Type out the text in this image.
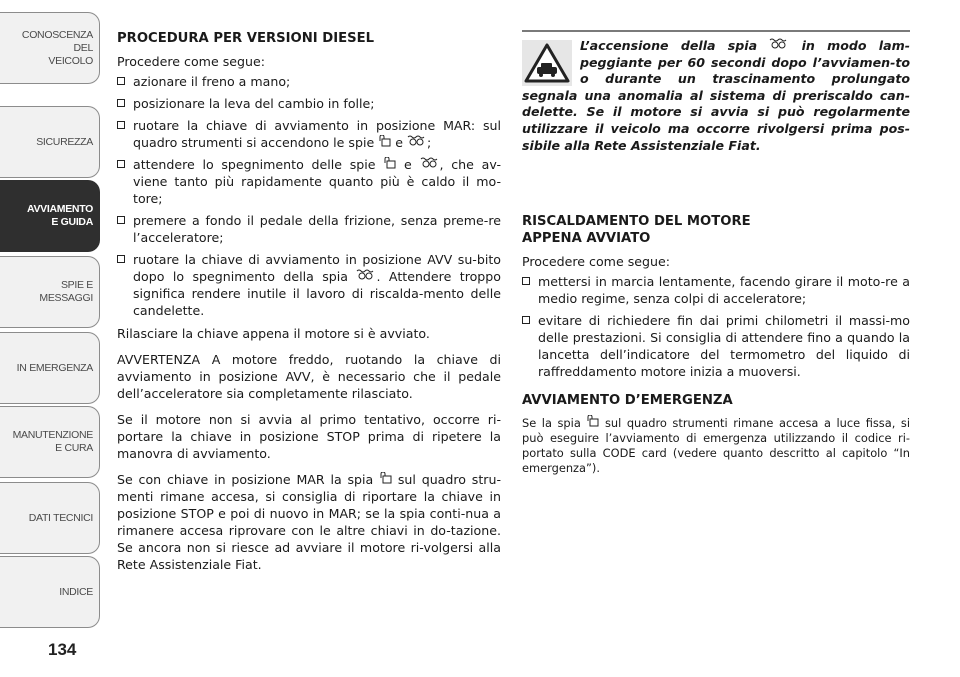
CONOSCENZA
DEL
VEICOLO
SICUREZZA
AVVIAMENTO
E GUIDA
SPIE E
MESSAGGI
IN EMERGENZA
MANUTENZIONE
E CURA
DATI TECNICI
INDICE
134
PROCEDURA PER VERSIONI DIESEL
Procedere come segue:
azionare il freno a mano;
posizionare la leva del cambio in folle;
ruotare la chiave di avviamento in posizione MAR: sul quadro strumenti si accendono le spie e ;
attendere lo spegnimento delle spie e , che av-viene tanto più rapidamente quanto più è caldo il mo-tore;
premere a fondo il pedale della frizione, senza preme-re l’acceleratore;
ruotare la chiave di avviamento in posizione AVV su-bito dopo lo spegnimento della spia . Attendere troppo significa rendere inutile il lavoro di riscalda-mento delle candelette.
Rilasciare la chiave appena il motore si è avviato.
AVVERTENZA A motore freddo, ruotando la chiave di avviamento in posizione AVV, è necessario che il pedale dell’acceleratore sia completamente rilasciato.
Se il motore non si avvia al primo tentativo, occorre ri-portare la chiave in posizione STOP prima di ripetere la manovra di avviamento.
Se con chiave in posizione MAR la spia sul quadro stru-menti rimane accesa, si consiglia di riportare la chiave in posizione STOP e poi di nuovo in MAR; se la spia conti-nua a rimanere accesa riprovare con le altre chiavi in do-tazione. Se ancora non si riesce ad avviare il motore ri-volgersi alla Rete Assistenziale Fiat.
L’accensione della spia	in modo lam-peggiante per 60 secondi dopo l’avviamen-to o durante un trascinamento prolungato segnala una anomalia al sistema di preriscaldo can-delette. Se il motore si avvia si può regolarmente utilizzare il veicolo ma occorre rivolgersi prima pos-sibile alla Rete Assistenziale Fiat.
RISCALDAMENTO DEL MOTORE
APPENA AVVIATO
Procedere come segue:
mettersi in marcia lentamente, facendo girare il moto-re a medio regime, senza colpi di acceleratore;
evitare di richiedere fin dai primi chilometri il massi-mo delle prestazioni. Si consiglia di attendere fino a quando la lancetta dell’indicatore del termometro del liquido di raffreddamento motore inizia a muoversi.
AVVIAMENTO D’EMERGENZA
Se la spia sul quadro strumenti rimane accesa a luce fissa, si può eseguire l’avviamento di emergenza utilizzando il codice ri-portato sulla CODE card (vedere quanto descritto al capitolo “In emergenza”).
